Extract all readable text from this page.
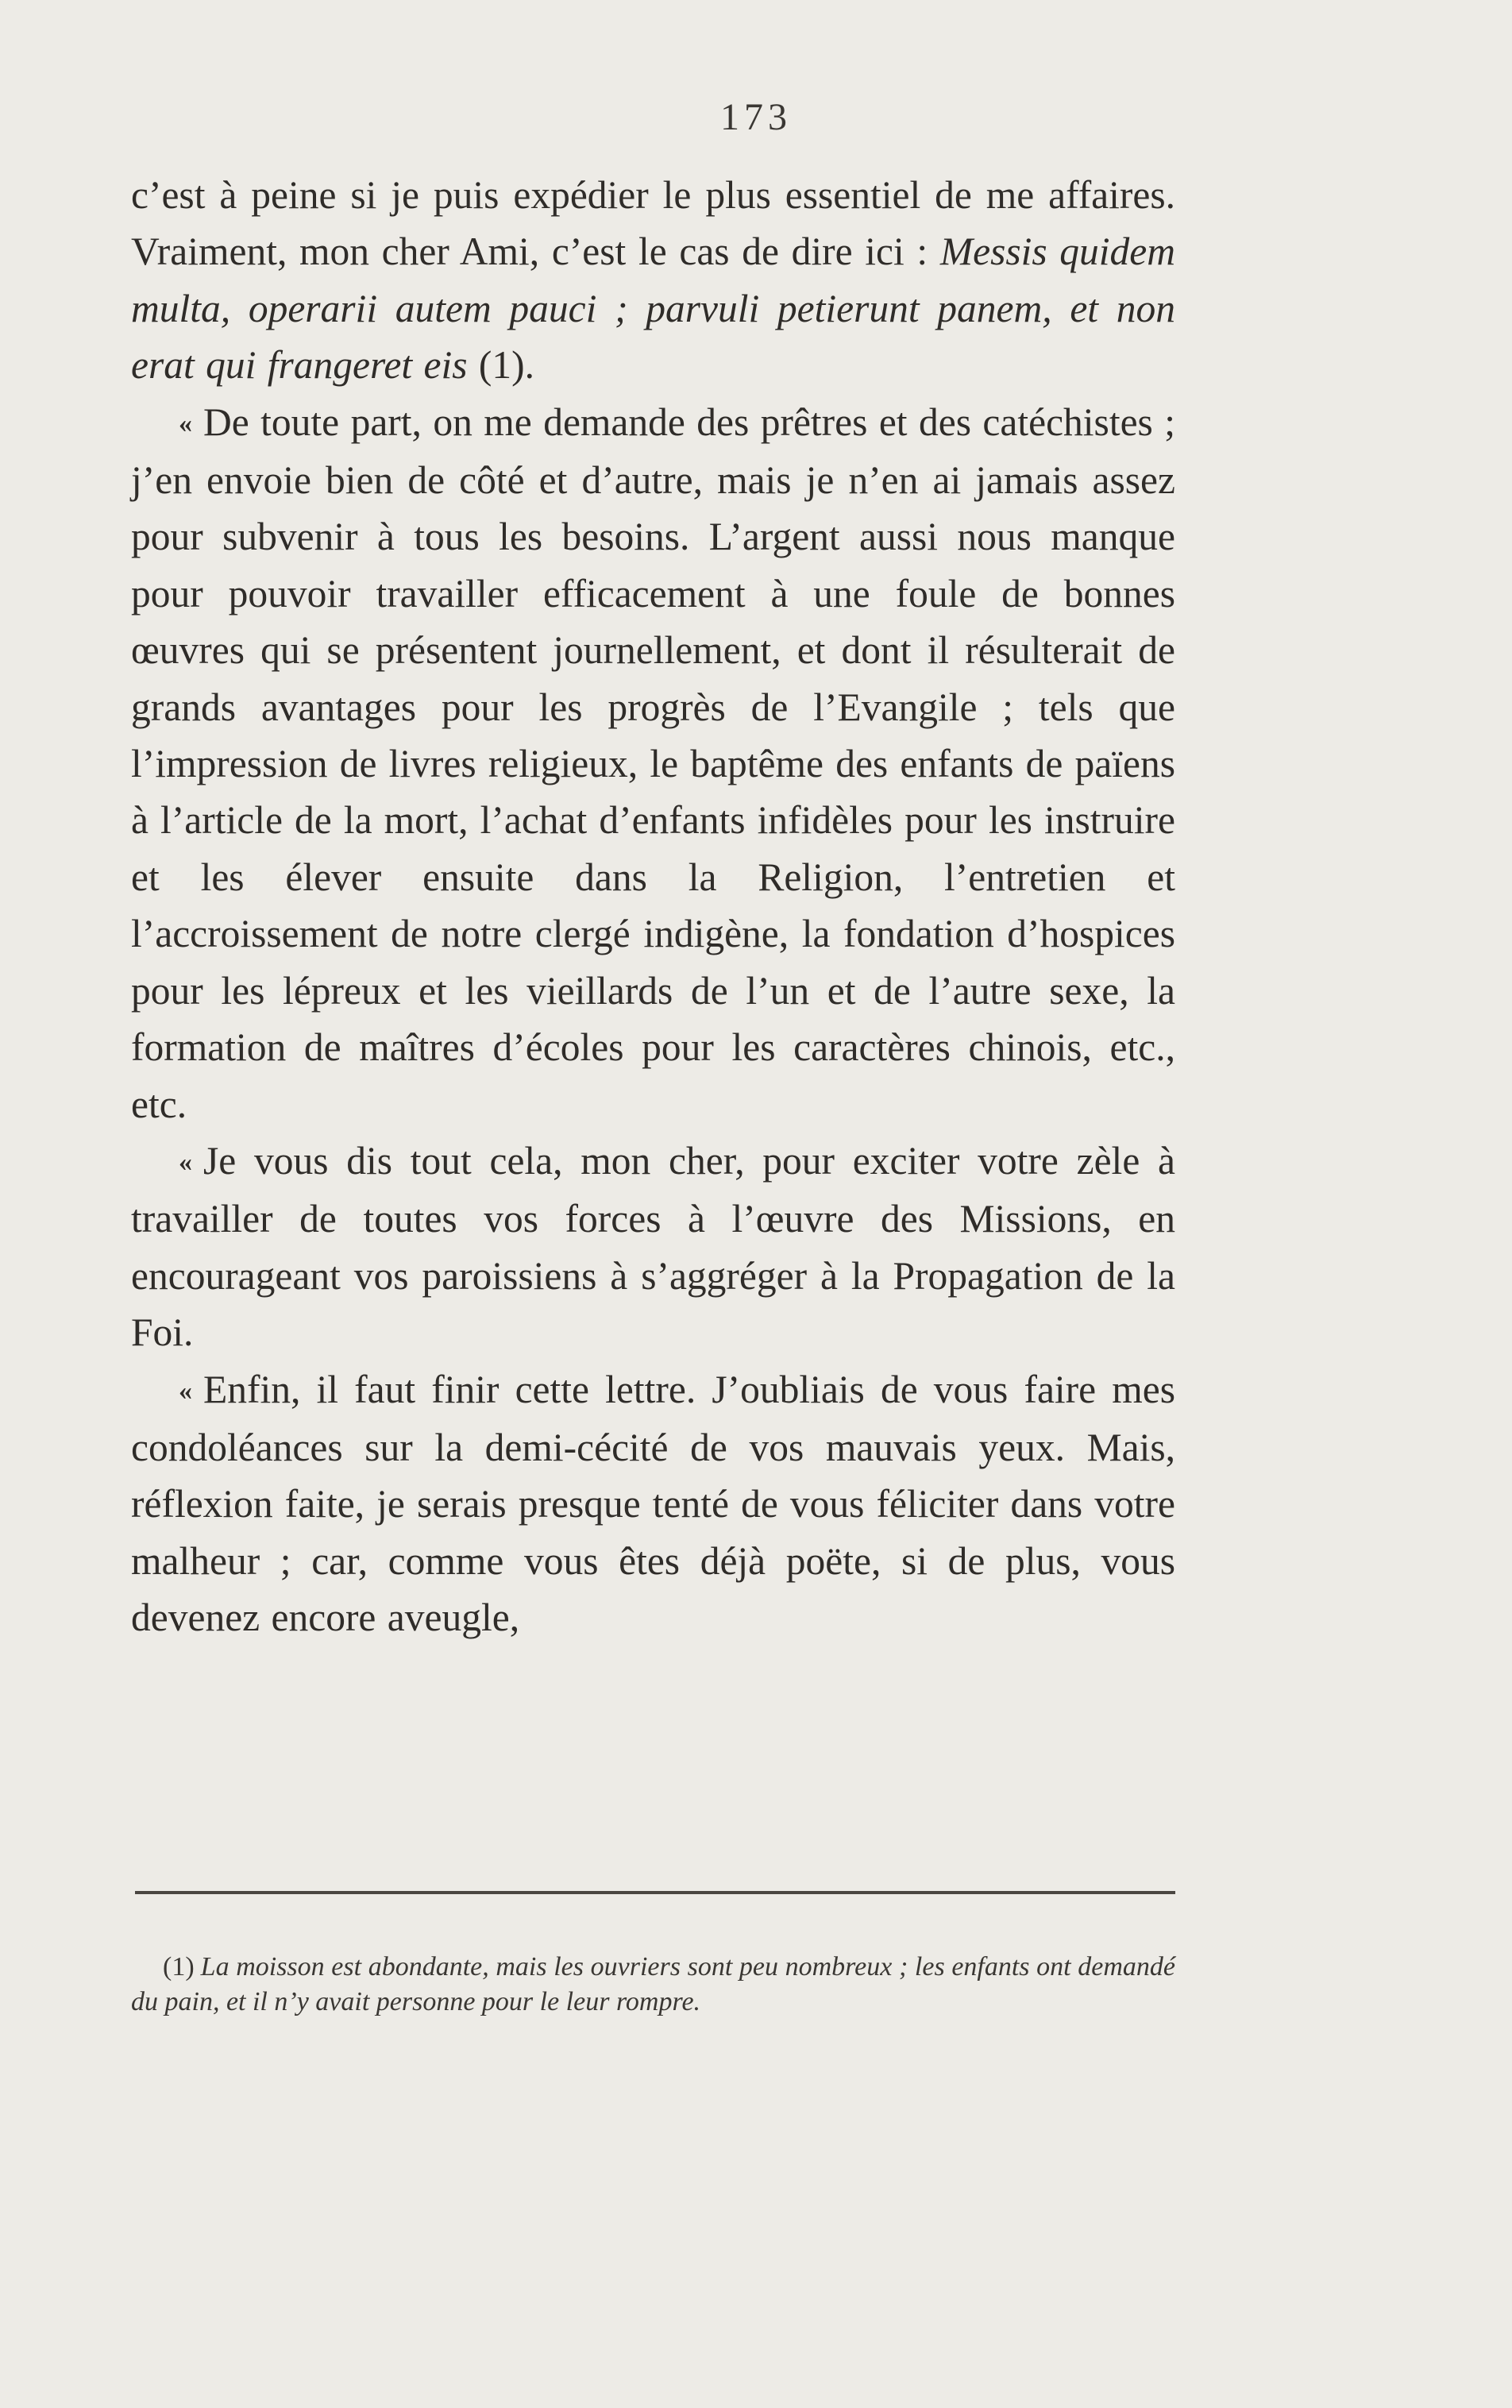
173

c’est à peine si je puis expédier le plus essentiel de me affaires. Vraiment, mon cher Ami, c’est le cas de dire ici : Messis quidem multa, operarii autem pauci ; parvuli petierunt panem, et non erat qui frangeret eis (1).

« De toute part, on me demande des prêtres et des catéchistes ; j’en envoie bien de côté et d’autre, mais je n’en ai jamais assez pour subvenir à tous les besoins. L’argent aussi nous manque pour pouvoir travailler efficacement à une foule de bonnes œuvres qui se présentent journellement, et dont il résulterait de grands avantages pour les progrès de l’Evangile ; tels que l’impression de livres religieux, le baptême des enfants de païens à l’article de la mort, l’achat d’enfants infidèles pour les instruire et les élever ensuite dans la Religion, l’entretien et l’accroissement de notre clergé indigène, la fondation d’hospices pour les lépreux et les vieillards de l’un et de l’autre sexe, la formation de maîtres d’écoles pour les caractères chinois, etc., etc.

« Je vous dis tout cela, mon cher, pour exciter votre zèle à travailler de toutes vos forces à l’œuvre des Missions, en encourageant vos paroissiens à s’aggréger à la Propagation de la Foi.

« Enfin, il faut finir cette lettre. J’oubliais de vous faire mes condoléances sur la demi-cécité de vos mauvais yeux. Mais, réflexion faite, je serais presque tenté de vous féliciter dans votre malheur ; car, comme vous êtes déjà poëte, si de plus, vous devenez encore aveugle,

(1) La moisson est abondante, mais les ouvriers sont peu nombreux ; les enfants ont demandé du pain, et il n’y avait personne pour le leur rompre.
